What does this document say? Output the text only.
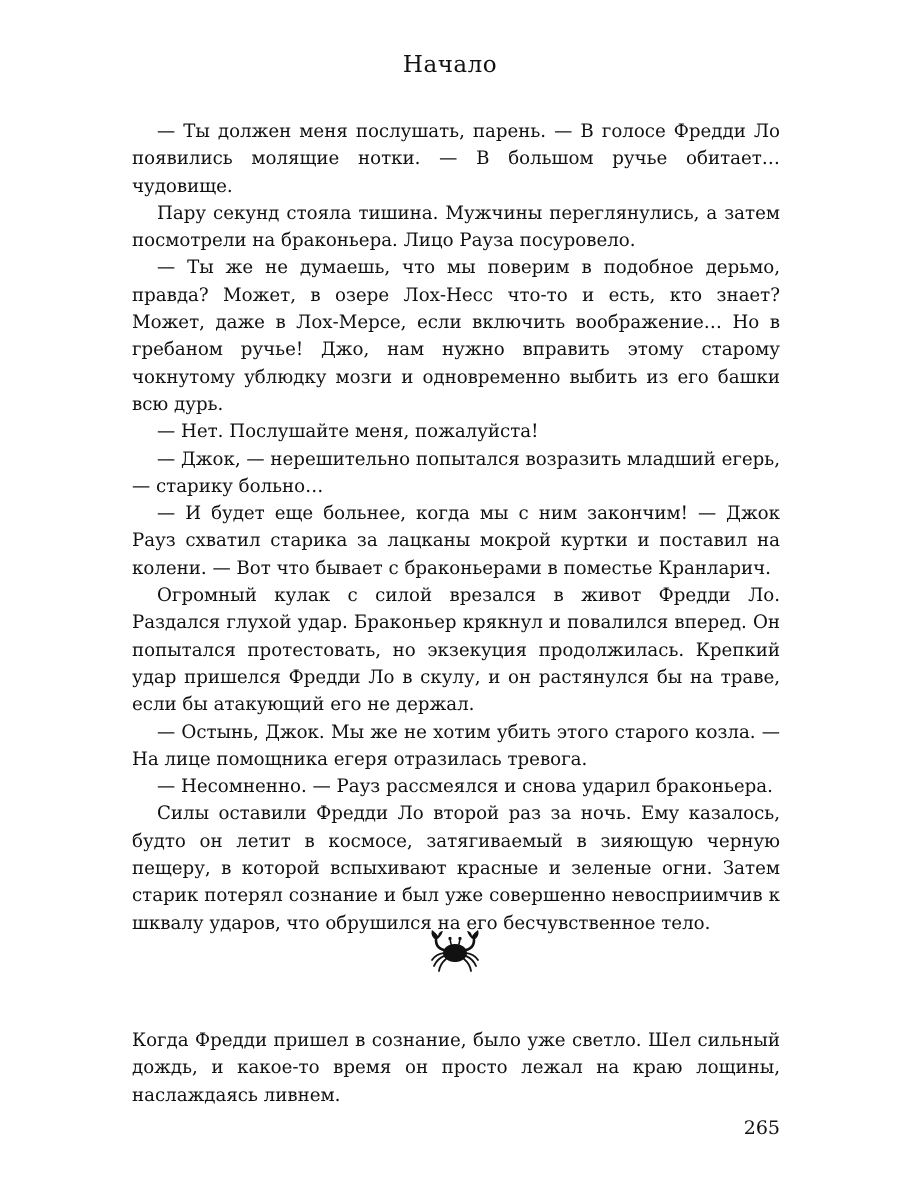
Начало

— Ты должен меня послушать, парень. — В голосе Фредди Ло появились молящие нотки. — В большом ручье обитает… чудовище.

Пару секунд стояла тишина. Мужчины переглянулись, а затем посмотрели на браконьера. Лицо Рауза посуровело.

— Ты же не думаешь, что мы поверим в подобное дерьмо, правда? Может, в озере Лох-Несс что-то и есть, кто знает? Может, даже в Лох-Мерсе, если включить воображение… Но в гребаном ручье! Джо, нам нужно вправить этому старому чокнутому ублюдку мозги и одновременно выбить из его башки всю дурь.

— Нет. Послушайте меня, пожалуйста!

— Джок, — нерешительно попытался возразить младший егерь, — старику больно…

— И будет еще больнее, когда мы с ним закончим! — Джок Рауз схватил старика за лацканы мокрой куртки и поставил на колени. — Вот что бывает с браконьерами в поместье Кранларич.

Огромный кулак с силой врезался в живот Фредди Ло. Раздался глухой удар. Браконьер крякнул и повалился вперед. Он попытался протестовать, но экзекуция продолжилась. Крепкий удар пришелся Фредди Ло в скулу, и он растянулся бы на траве, если бы атакующий его не держал.

— Остынь, Джок. Мы же не хотим убить этого старого козла. — На лице помощника егеря отразилась тревога.

— Несомненно. — Рауз рассмеялся и снова ударил браконьера.

Силы оставили Фредди Ло второй раз за ночь. Ему казалось, будто он летит в космосе, затягиваемый в зияющую черную пещеру, в которой вспыхивают красные и зеленые огни. Затем старик потерял сознание и был уже совершенно невосприимчив к шквалу ударов, что обрушился на его бесчувственное тело.

Когда Фредди пришел в сознание, было уже светло. Шел сильный дождь, и какое-то время он просто лежал на краю лощины, наслаждаясь ливнем.

265
